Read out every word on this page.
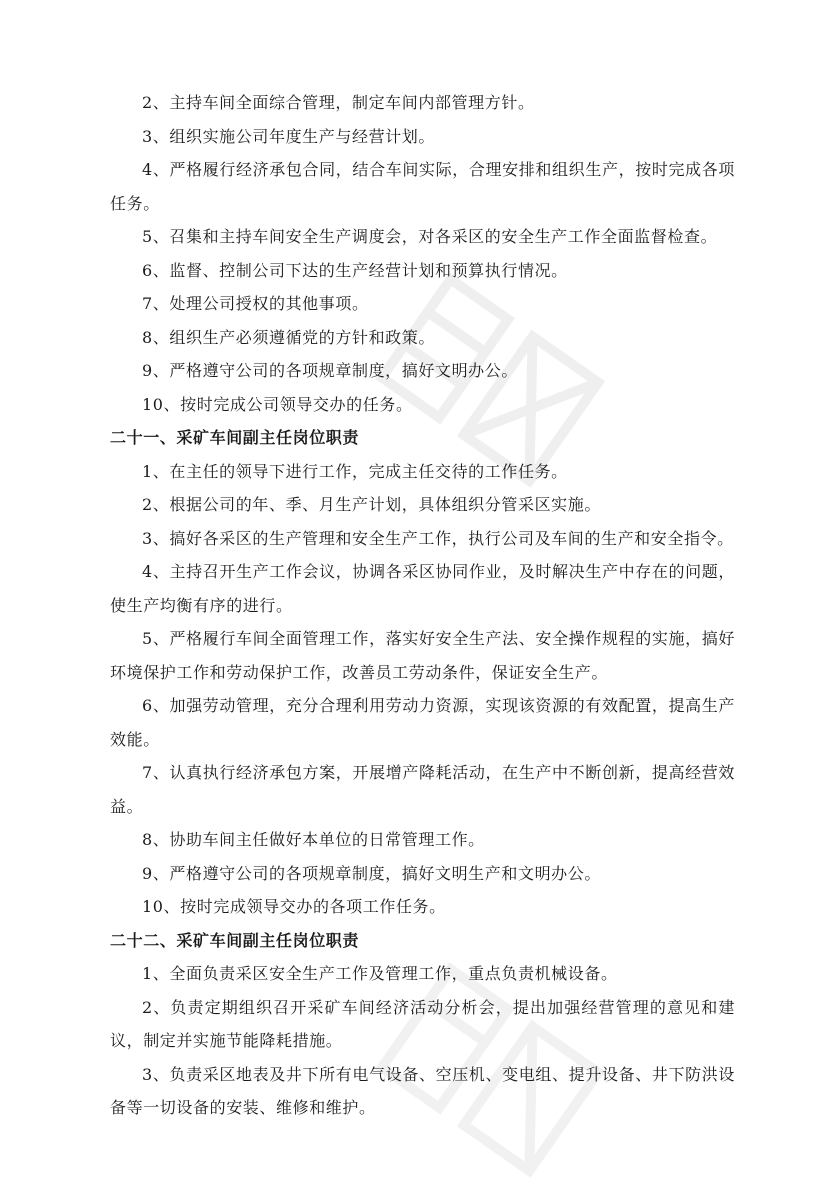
2、主持车间全面综合管理，制定车间内部管理方针。

3、组织实施公司年度生产与经营计划。

4、严格履行经济承包合同，结合车间实际，合理安排和组织生产，按时完成各项任务。

5、召集和主持车间安全生产调度会，对各采区的安全生产工作全面监督检查。

6、监督、控制公司下达的生产经营计划和预算执行情况。

7、处理公司授权的其他事项。

8、组织生产必须遵循党的方针和政策。

9、严格遵守公司的各项规章制度，搞好文明办公。

10、按时完成公司领导交办的任务。

二十一、采矿车间副主任岗位职责

1、在主任的领导下进行工作，完成主任交待的工作任务。

2、根据公司的年、季、月生产计划，具体组织分管采区实施。

3、搞好各采区的生产管理和安全生产工作，执行公司及车间的生产和安全指令。

4、主持召开生产工作会议，协调各采区协同作业，及时解决生产中存在的问题，使生产均衡有序的进行。

5、严格履行车间全面管理工作，落实好安全生产法、安全操作规程的实施，搞好环境保护工作和劳动保护工作，改善员工劳动条件，保证安全生产。

6、加强劳动管理，充分合理利用劳动力资源，实现该资源的有效配置，提高生产效能。

7、认真执行经济承包方案，开展增产降耗活动，在生产中不断创新，提高经营效益。

8、协助车间主任做好本单位的日常管理工作。

9、严格遵守公司的各项规章制度，搞好文明生产和文明办公。

10、按时完成领导交办的各项工作任务。

二十二、采矿车间副主任岗位职责

1、全面负责采区安全生产工作及管理工作，重点负责机械设备。

2、负责定期组织召开采矿车间经济活动分析会，提出加强经营管理的意见和建议，制定并实施节能降耗措施。

3、负责采区地表及井下所有电气设备、空压机、变电组、提升设备、井下防洪设备等一切设备的安装、维修和维护。
